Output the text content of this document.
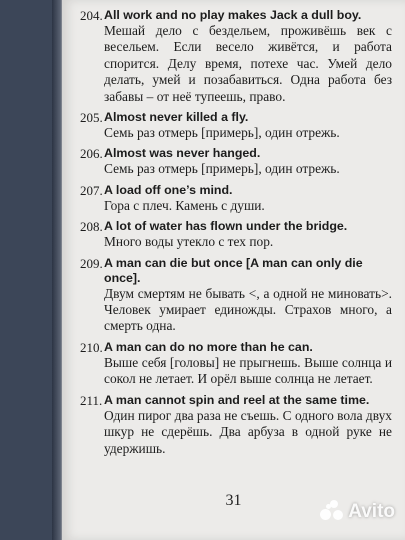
31
204. All work and no play makes Jack a dull boy.
Мешай дело с бездельем, проживёшь век с весельем. Если весело живётся, и работа спорится. Делу время, потехе час. Умей дело делать, умей и позабавиться. Одна работа без забавы – от неё тупеешь, право.
205. Almost never killed a fly.
Семь раз отмерь [примерь], один отрежь.
206. Almost was never hanged.
Семь раз отмерь [примерь], один отрежь.
207. A load off one’s mind.
Гора с плеч. Камень с души.
208. A lot of water has flown under the bridge.
Много воды утекло с тех пор.
209. A man can die but once [A man can only die once].
Двум смертям не бывать <, а одной не миновать>. Человек умирает единожды. Страхов много, а смерть одна.
210. A man can do no more than he can.
Выше себя [головы] не прыгнешь. Выше солнца и сокол не летает. И орёл выше солнца не летает.
211. A man cannot spin and reel at the same time.
Один пирог два раза не съешь. С одного вола двух шкур не сдерёшь. Два арбуза в одной руке не удержишь.
Avito
